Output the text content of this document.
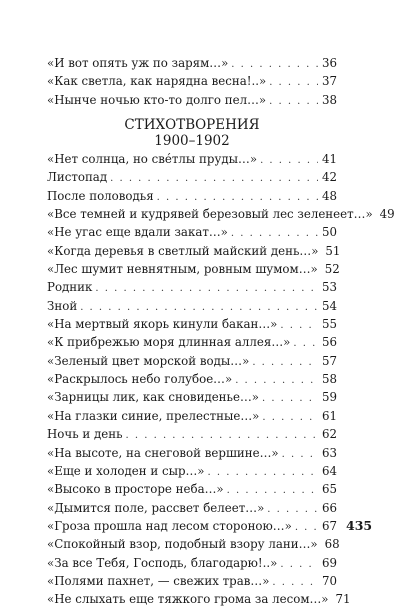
«И вот опять уж по зарям…» . . .	36
«Как светла, как нарядна весна!..» . . .	37
«Нынче ночью кто-то долго пел…» . . .	38
СТИХОТВОРЕНИЯ
1900–1902
«Нет солнца, но свéтлы пруды…» . . .	41
Листопад . . .	42
После половодья . . .	48
«Все темней и кудрявей березовый лес зеленеет…» 49
«Не угас еще вдали закат…» . . .	50
«Когда деревья в светлый майский день…» 51
«Лес шумит невнятным, ровным шумом…» 52
Родник . . .	53
Зной . . .	54
«На мертвый якорь кинули бакан…» . . .	55
«К прибрежью моря длинная аллея…» . . .	56
«Зеленый цвет морской воды…» . . .	57
«Раскрылось небо голубое…» . . .	58
«Зарницы лик, как сновиденье…» . . .	59
«На глазки синие, прелестные…» . . .	61
Ночь и день . . .	62
«На высоте, на снеговой вершине…» . . .	63
«Еще и холоден и сыр…» . . .	64
«Высоко в просторе неба…» . . .	65
«Дымится поле, рассвет белеет…» . . .	66
«Гроза прошла над лесом стороною…» . . .	67
«Спокойный взор, подобный взору лани…» 68
«За все Тебя, Господь, благодарю!..» . . .	69
«Полями пахнет, — свежих трав…» . . .	70
«Не слыхать еще тяжкого грома за лесом…» 71
435
